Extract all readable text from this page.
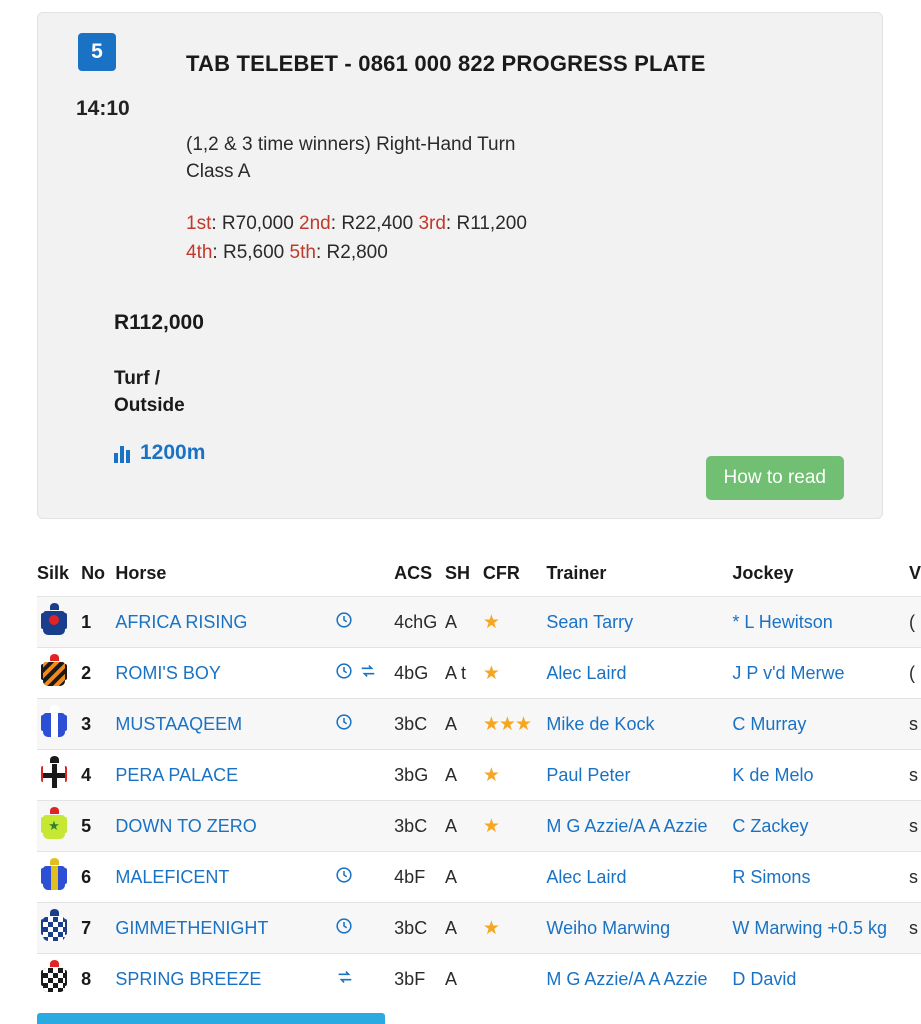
5
14:10
TAB TELEBET - 0861 000 822 PROGRESS PLATE
(1,2 & 3 time winners) Right-Hand Turn
Class A
1st: R70,000 2nd: R22,400 3rd: R11,200
4th: R5,600 5th: R2,800
R112,000
Turf /
Outside
1200m
How to read
Silk	No	Horse		ACS	SH	CFR	Trainer	Jockey	V

	1	AFRICA RISING		4chG	A	★	Sean Tarry	* L Hewitson	(

	2	ROMI'S BOY		4bG	A t	★	Alec Laird	J P v'd Merwe	(

	3	MUSTAAQEEM		3bC	A	★★★	Mike de Kock	C Murray	s

	4	PERA PALACE		3bG	A	★	Paul Peter	K de Melo	s

★	5	DOWN TO ZERO		3bC	A	★	M G Azzie/A A Azzie	C Zackey	s

	6	MALEFICENT		4bF	A		Alec Laird	R Simons	s

	7	GIMMETHENIGHT		3bC	A	★	Weiho Marwing	W Marwing +0.5 kg	s

	8	SPRING BREEZE		3bF	A		M G Azzie/A A Azzie	D David	
